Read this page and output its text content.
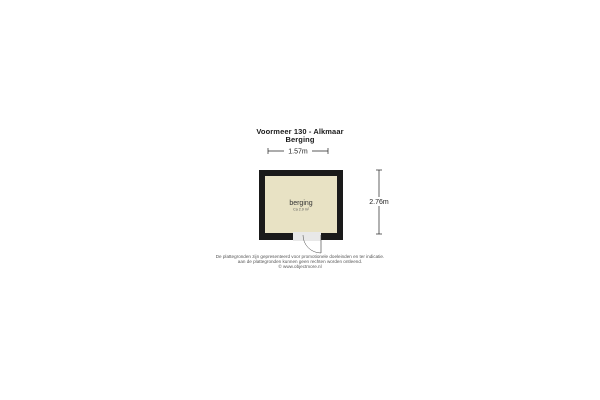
Voormeer 130 - Alkmaar
Berging
1.57m
2.76m
berging
Ca 2.9 m²
De plattegronden zijn gepresenteerd voor promotionele doeleinden en ter indicatie.
aan de plattegronden kunnen geen rechten worden ontleend.
© www.objectmore.nl
